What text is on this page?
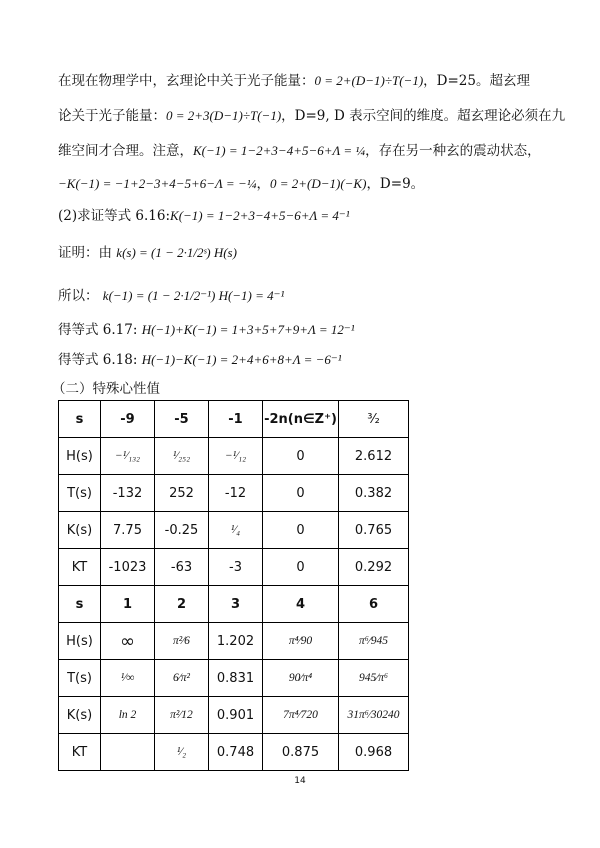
在现在物理学中，玄理论中关于光子能量：0 = 2+(D−1)÷T(−1)，D=25。超玄理
论关于光子能量：0 = 2+3(D−1)÷T(−1)，D=9, D 表示空间的维度。超玄理论必须在九
维空间才合理。注意，K(−1) = 1−2+3−4+5−6+Λ = ¼，存在另一种玄的震动状态，
−K(−1) = −1+2−3+4−5+6−Λ = −¼，0 = 2+(D−1)(−K)，D=9。
(2)求证等式 6.16:K(−1) = 1−2+3−4+5−6+Λ = 4⁻¹
证明：由 k(s) = (1 − 2·1/2ˢ) H(s)
所以： k(−1) = (1 − 2·1/2⁻¹) H(−1) = 4⁻¹
得等式 6.17: H(−1)+K(−1) = 1+3+5+7+9+Λ = 12⁻¹
得等式 6.18: H(−1)−K(−1) = 2+4+6+8+Λ = −6⁻¹
（二）特殊心性值
s	-9	-5	-1	-2n(n∈Z⁺)	³⁄₂
H(s)	−¹⁄₁₃₂	¹⁄₂₅₂	−¹⁄₁₂	0	2.612
T(s)	-132	252	-12	0	0.382
K(s)	7.75	-0.25	¹⁄₄	0	0.765
KT	-1023	-63	-3	0	0.292
s	1	2	3	4	6
H(s)	∞	π²⁄6	1.202	π⁴⁄90	π⁶⁄945
T(s)	¹⁄∞	6⁄π²	0.831	90⁄π⁴	945⁄π⁶
K(s)	ln 2	π²⁄12	0.901	7π⁴⁄720	31π⁶⁄30240
KT		¹⁄₂	0.748	0.875	0.968
14
